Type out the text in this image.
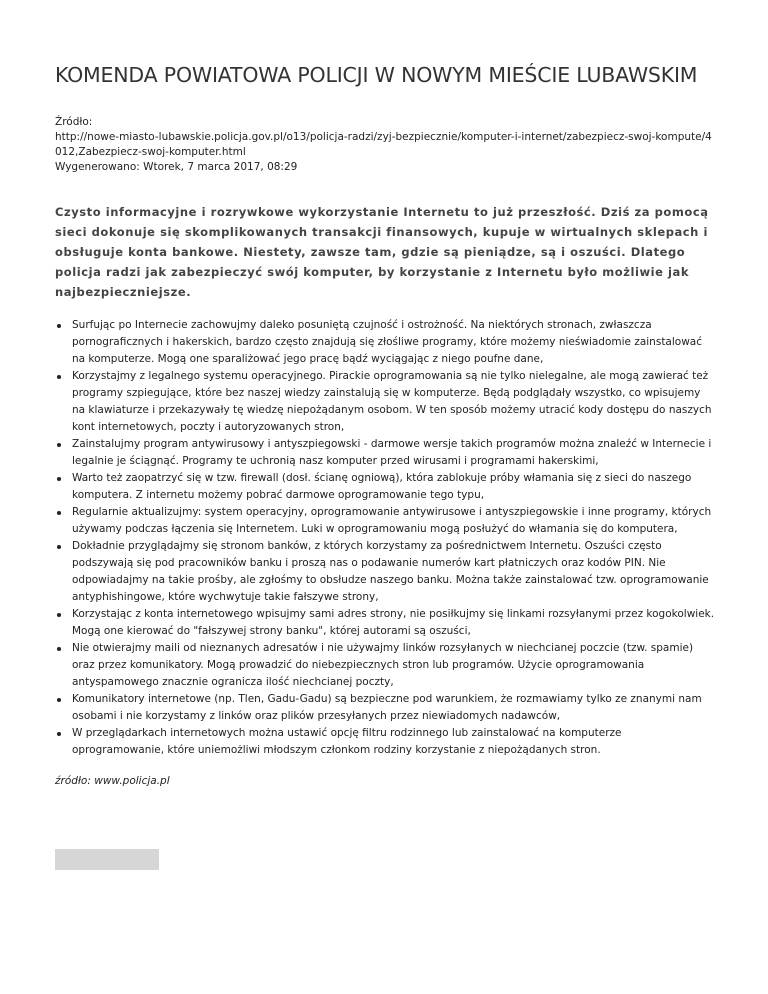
KOMENDA POWIATOWA POLICJI W NOWYM MIEŚCIE LUBAWSKIM
Źródło:
http://nowe-miasto-lubawskie.policja.gov.pl/o13/policja-radzi/zyj-bezpiecznie/komputer-i-internet/zabezpiecz-swoj-kompute/4012,Zabezpiecz-swoj-komputer.html
Wygenerowano: Wtorek, 7 marca 2017, 08:29
Czysto informacyjne i rozrywkowe wykorzystanie Internetu to już przeszłość. Dziś za pomocą sieci dokonuje się skomplikowanych transakcji finansowych, kupuje w wirtualnych sklepach i obsługuje konta bankowe. Niestety, zawsze tam, gdzie są pieniądze, są i oszuści. Dlatego policja radzi jak zabezpieczyć swój komputer, by korzystanie z Internetu było możliwie jak najbezpieczniejsze.
Surfując po Internecie zachowujmy daleko posuniętą czujność i ostrożność. Na niektórych stronach, zwłaszcza pornograficznych i hakerskich, bardzo często znajdują się złośliwe programy, które możemy nieświadomie zainstalować na komputerze. Mogą one sparaliżować jego pracę bądź wyciągając z niego poufne dane,
Korzystajmy z legalnego systemu operacyjnego. Pirackie oprogramowania są nie tylko nielegalne, ale mogą zawierać też programy szpiegujące, które bez naszej wiedzy zainstalują się w komputerze. Będą podglądały wszystko, co wpisujemy na klawiaturze i przekazywały tę wiedzę niepożądanym osobom. W ten sposób możemy utracić kody dostępu do naszych kont internetowych, poczty i autoryzowanych stron,
Zainstalujmy program antywirusowy i antyszpiegowski - darmowe wersje takich programów można znaleźć w Internecie i legalnie je ściągnąć. Programy te uchronią nasz komputer przed wirusami i programami hakerskimi,
Warto też zaopatrzyć się w tzw. firewall (dosł. ścianę ogniową), która zablokuje próby włamania się z sieci do naszego komputera. Z internetu możemy pobrać darmowe oprogramowanie tego typu,
Regularnie aktualizujmy: system operacyjny, oprogramowanie antywirusowe i antyszpiegowskie i inne programy, których używamy podczas łączenia się Internetem. Luki w oprogramowaniu mogą posłużyć do włamania się do komputera,
Dokładnie przyglądajmy się stronom banków, z których korzystamy za pośrednictwem Internetu. Oszuści często podszywają się pod pracowników banku i proszą nas o podawanie numerów kart płatniczych oraz kodów PIN. Nie odpowiadajmy na takie prośby, ale zgłośmy to obsłudze naszego banku. Można także zainstalować tzw. oprogramowanie antyphishingowe, które wychwytuje takie fałszywe strony,
Korzystając z konta internetowego wpisujmy sami adres strony, nie posiłkujmy się linkami rozsyłanymi przez kogokolwiek. Mogą one kierować do "fałszywej strony banku", której autorami są oszuści,
Nie otwierajmy maili od nieznanych adresatów i nie używajmy linków rozsyłanych w niechcianej poczcie (tzw. spamie) oraz przez komunikatory. Mogą prowadzić do niebezpiecznych stron lub programów. Użycie oprogramowania antyspamowego znacznie ogranicza ilość niechcianej poczty,
Komunikatory internetowe (np. Tlen, Gadu-Gadu) są bezpieczne pod warunkiem, że rozmawiamy tylko ze znanymi nam osobami i nie korzystamy z linków oraz plików przesyłanych przez niewiadomych nadawców,
W przeglądarkach internetowych można ustawić opcję filtru rodzinnego lub zainstalować na komputerze oprogramowanie, które uniemożliwi młodszym członkom rodziny korzystanie z niepożądanych stron.
źródło: www.policja.pl
